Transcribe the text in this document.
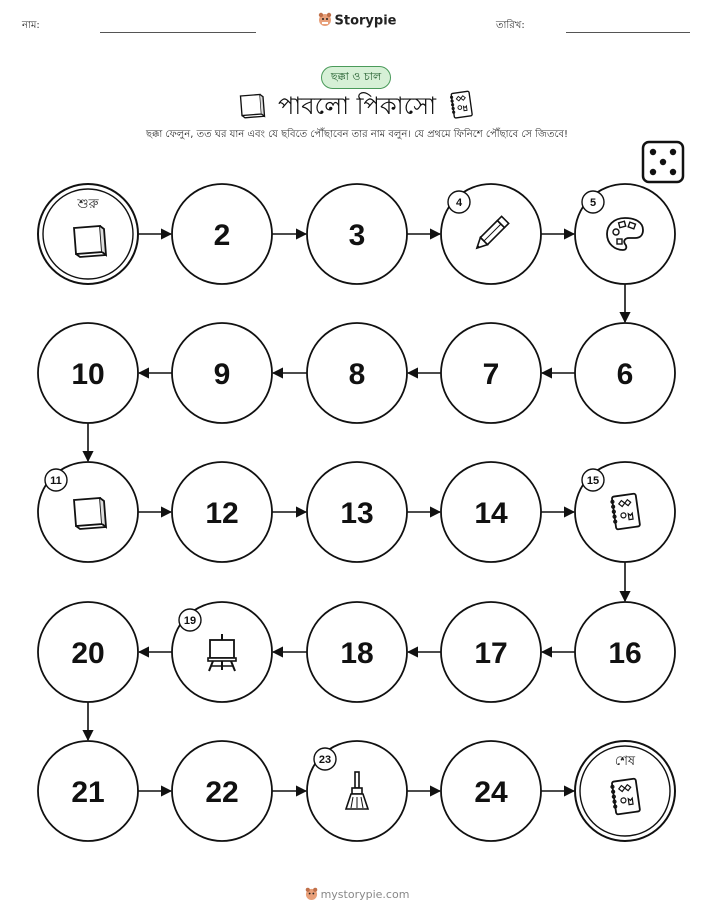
নাম:	Storypie	তারিখ:
ছক্কা ও চাল
পাবলো পিকাসো
ছক্কা ফেলুন, তত ঘর যান এবং যে ছবিতে পৌঁছাবেন তার নাম বলুন। যে প্রথমে ফিনিশে পৌঁছাবে সে জিতবে!
শুরু
2	3
4	5
6
7
8
9
10
11
12	13	14
15
16
17
18
19
20
21	22
23
24
শেষ
mystorypie.com
